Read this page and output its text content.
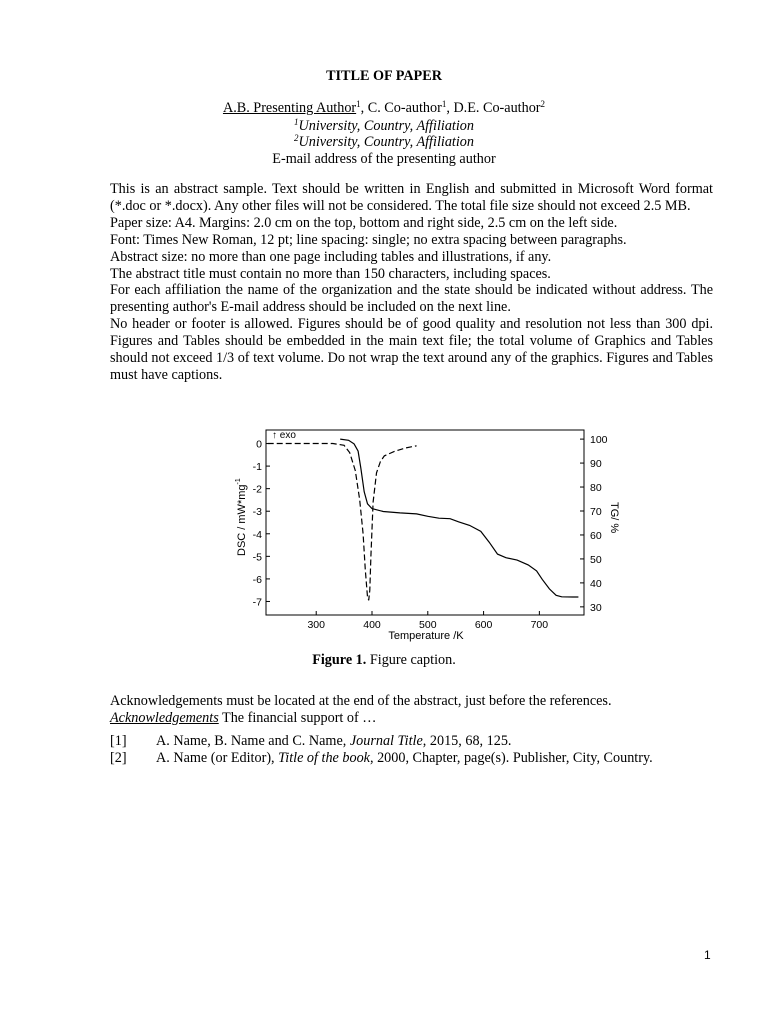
TITLE OF PAPER
A.B. Presenting Author$^1$, C. Co-author$^1$, D.E. Co-author$^2$
$^1$University, Country, Affiliation
$^2$University, Country, Affiliation
E-mail address of the presenting author

This is an abstract sample. Text should be written in English and submitted in Microsoft Word format (*.doc or *.docx). Any other files will not be considered. The total file size should not exceed 2.5 MB.

Paper size: A4. Margins: 2.0 cm on the top, bottom and right side, 2.5 cm on the left side.

Font: Times New Roman, 12 pt; line spacing: single; no extra spacing between paragraphs.

Abstract size: no more than one page including tables and illustrations, if any.

The abstract title must contain no more than 150 characters, including spaces.

For each affiliation the name of the organization and the state should be indicated without address. The presenting author's E-mail address should be included on the next line.

No header or footer is allowed. Figures should be of good quality and resolution not less than 300 dpi. Figures and Tables should be embedded in the main text file; the total volume of Graphics and Tables should not exceed 1/3 of text volume. Do not wrap the text around any of the graphics. Figures and Tables must have captions.

300	400	500	600	700
0
-1
-2
-3
-4
-5
-6
-7
100
90
80
70
60
50
40
30
↑ exo
Temperature /K
DSC / $mW*mg^{-1}$
TG/ %
Figure 1. Figure caption.
Acknowledgements must be located at the end of the abstract, just before the references.
Acknowledgements The financial support of …
[1]	A. Name, B. Name and C. Name, Journal Title, 2015, 68, 125.
[2]	A. Name (or Editor), Title of the book, 2000, Chapter, page(s). Publisher, City, Country.
1
